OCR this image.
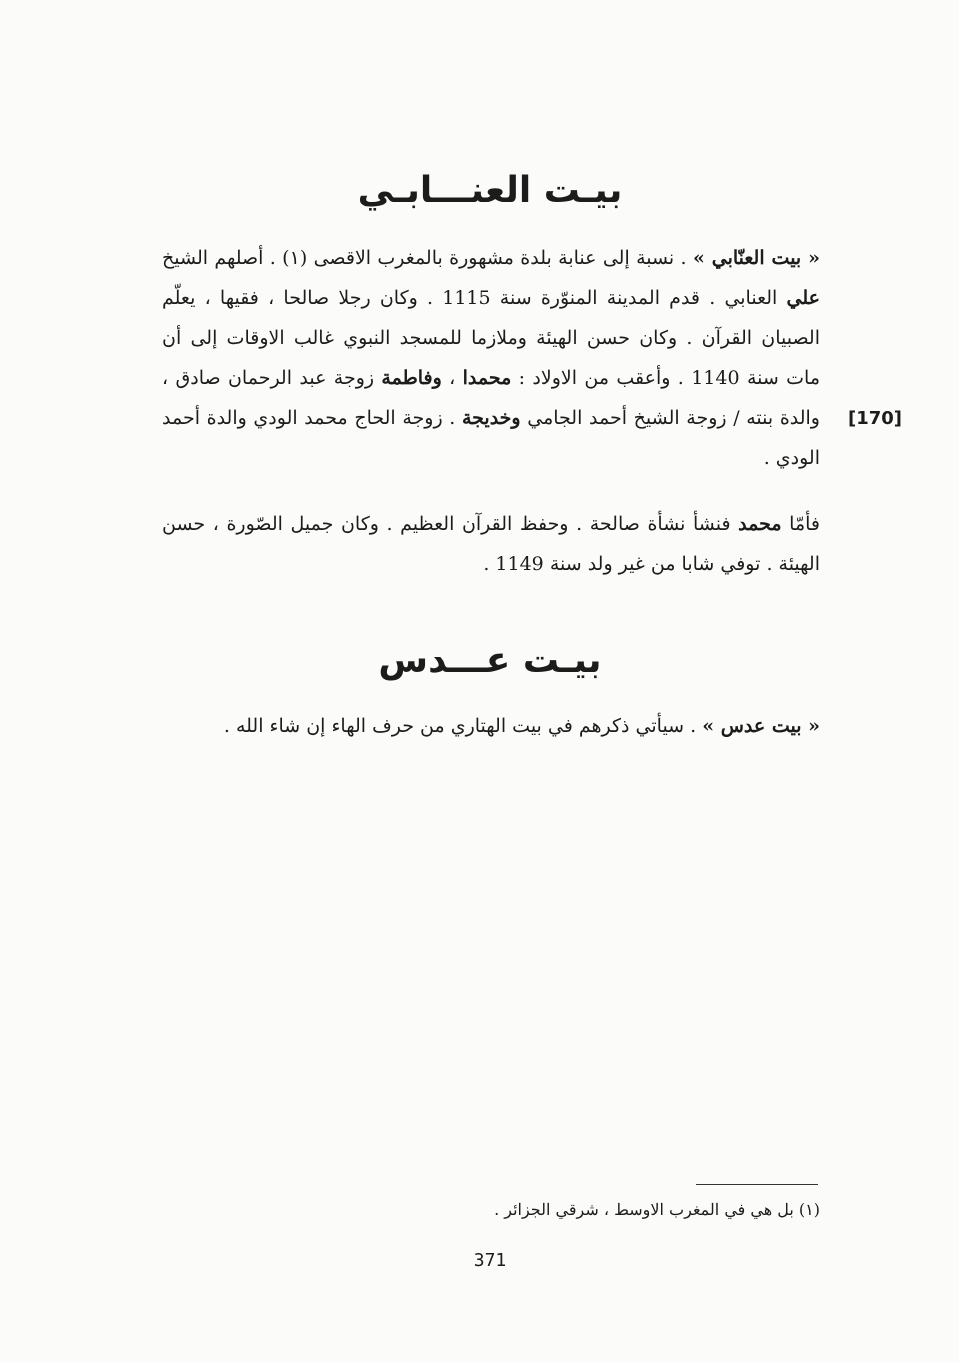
بيـت العنـــابـي
« بيت العنّابي » . نسبة إلى عنابة بلدة مشهورة بالمغرب الاقصى (١) . أصلهم الشيخ علي العنابي . قدم المدينة المنوّرة سنة 1115 . وكان رجلا صالحا ، فقيها ، يعلّم الصبيان القرآن . وكان حسن الهيئة وملازما للمسجد النبوي غالب الاوقات إلى أن مات سنة 1140 . وأعقب من الاولاد : محمدا ، وفاطمة زوجة عبد الرحمان صادق ، والدة بنته / زوجة الشيخ أحمد الجامي وخديجة . زوجة الحاج محمد الودي والدة أحمد الودي .
[170]
فأمّا محمد فنشأ نشأة صالحة . وحفظ القرآن العظيم . وكان جميل الصّورة ، حسن الهيئة . توفي شابا من غير ولد سنة 1149 .
بيـت عـــدس
« بيت عدس » . سيأتي ذكرهم في بيت الهتاري من حرف الهاء إن شاء الله .
(١) بل هي في المغرب الاوسط ، شرقي الجزائر .
371
